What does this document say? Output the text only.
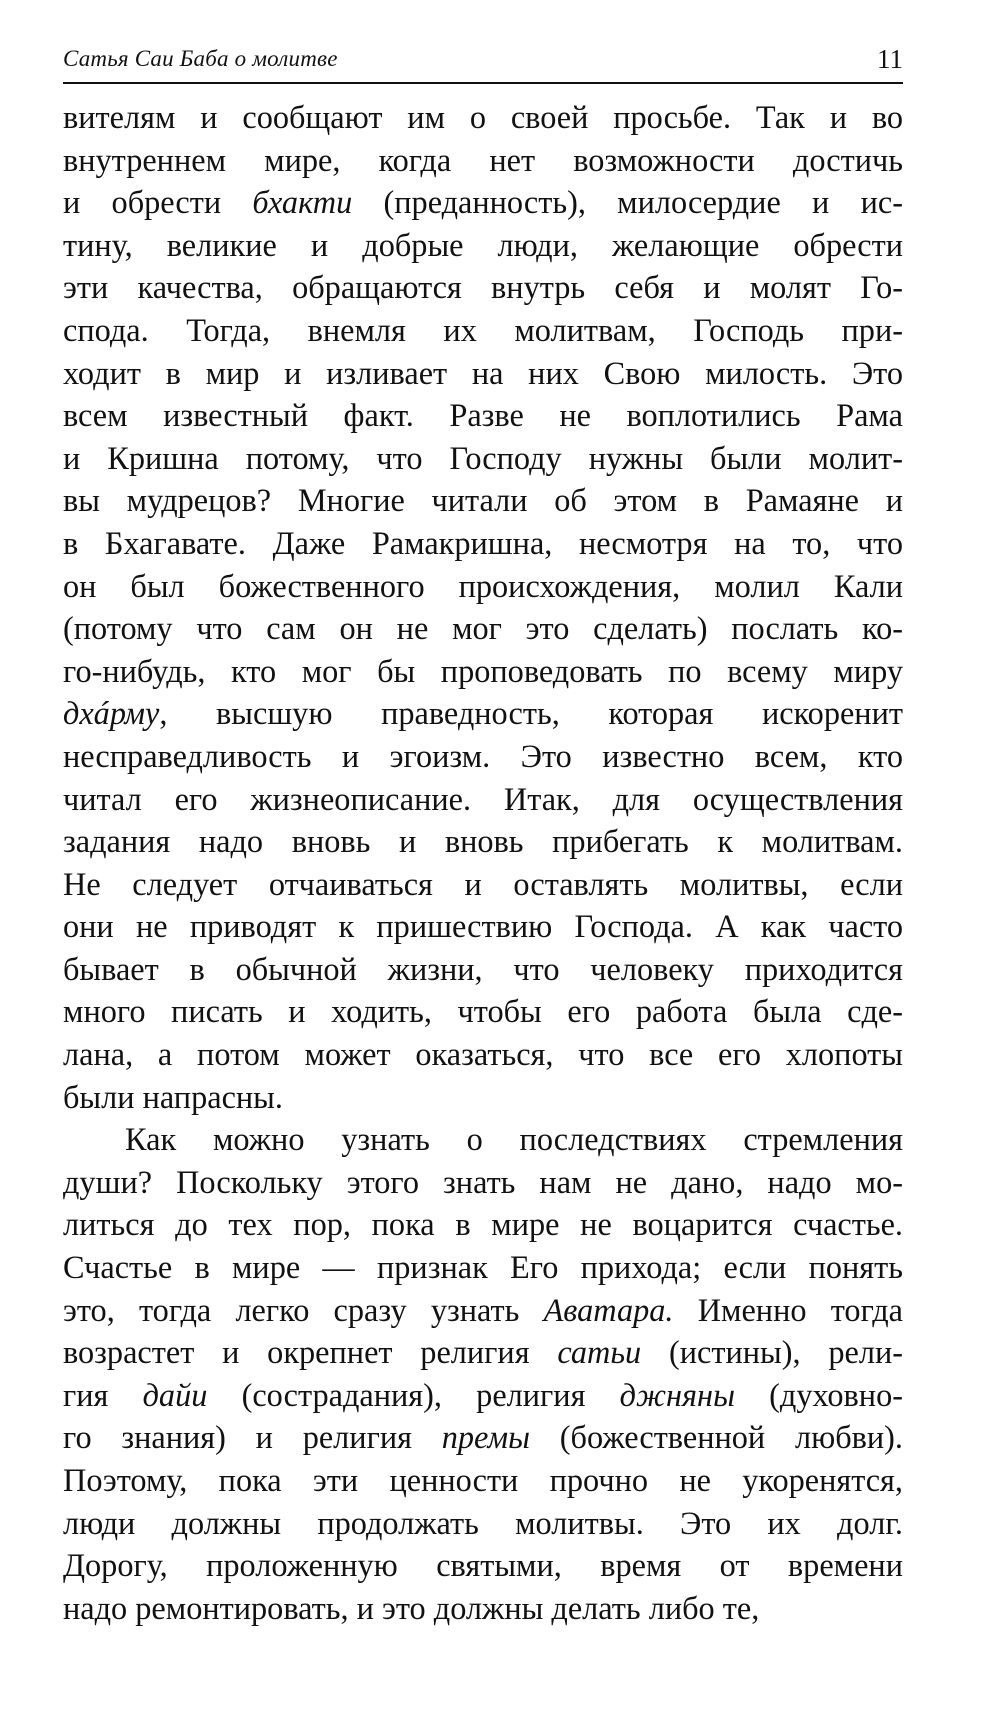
Сатья Саи Баба о молитве	11
вителям и сообщают им о своей просьбе. Так и во
внутреннем мире, когда нет возможности достичь
и обрести бхакти (преданность), милосердие и ис-
тину, великие и добрые люди, желающие обрести
эти качества, обращаются внутрь себя и молят Го-
спода. Тогда, внемля их молитвам, Господь при-
ходит в мир и изливает на них Свою милость. Это
всем известный факт. Разве не воплотились Рама
и Кришна потому, что Господу нужны были молит-
вы мудрецов? Многие читали об этом в Рамаяне и
в Бхагавате. Даже Рамакришна, несмотря на то, что
он был божественного происхождения, молил Кали
(потому что сам он не мог это сделать) послать ко-
го-нибудь, кто мог бы проповедовать по всему миру
дхáрму, высшую праведность, которая искоренит
несправедливость и эгоизм. Это известно всем, кто
читал его жизнеописание. Итак, для осуществления
задания надо вновь и вновь прибегать к молитвам.
Не следует отчаиваться и оставлять молитвы, если
они не приводят к пришествию Господа. А как часто
бывает в обычной жизни, что человеку приходится
много писать и ходить, чтобы его работа была сде-
лана, а потом может оказаться, что все его хлопоты
были напрасны.
Как можно узнать о последствиях стремления
души? Поскольку этого знать нам не дано, надо мо-
литься до тех пор, пока в мире не воцарится счастье.
Счастье в мире — признак Его прихода; если понять
это, тогда легко сразу узнать Аватара. Именно тогда
возрастет и окрепнет религия сатьи (истины), рели-
гия дайи (сострадания), религия джняны (духовно-
го знания) и религия премы (божественной любви).
Поэтому, пока эти ценности прочно не укоренятся,
люди должны продолжать молитвы. Это их долг.
Дорогу, проложенную святыми, время от времени
надо ремонтировать, и это должны делать либо те,
